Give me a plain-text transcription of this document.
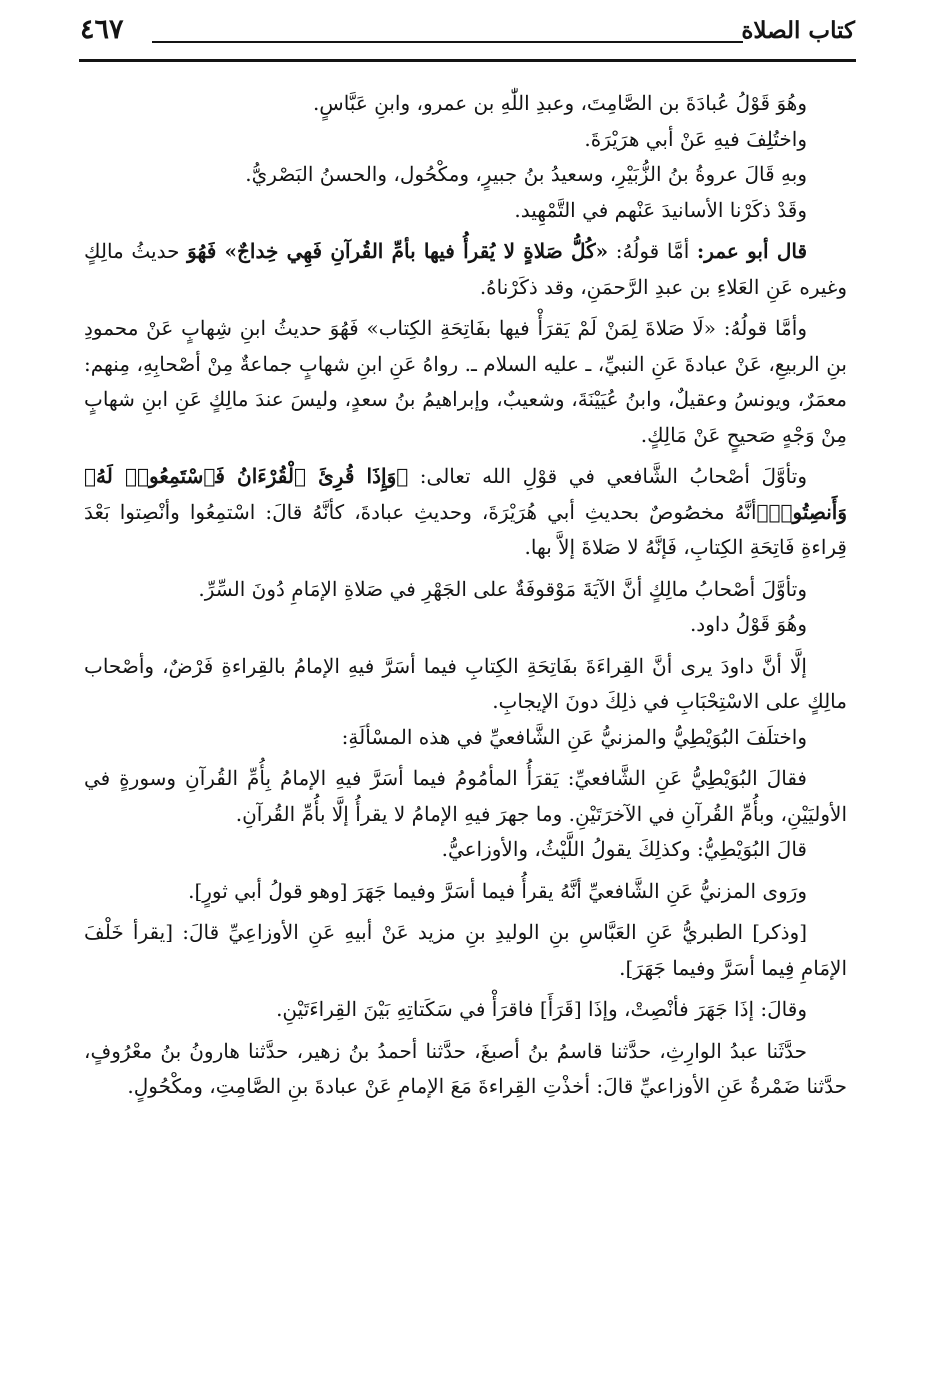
كتاب الصلاة
٤٦٧

وهُوَ قَوْلُ عُبادَةَ بن الصَّامِتَ، وعبدِ اللّٰهِ بن عمرو، وابنِ عَبَّاسٍ.

واختُلِفَ فيهِ عَنْ أبي هرَيْرَةَ.

وبهِ قَالَ عروةُ بنُ الزُّبَيْرِ، وسعيدُ بنُ جبيرٍ، ومكْحُول، والحسنُ البَصْريُّ.

وقَدْ ذكَرْنا الأسانيدَ عَنْهم في التَّمْهِيد.

قال أبو عمر: أمَّا قولُهُ: «كُلُّ صَلاةٍ لا يُقرأُ فيها بأمِّ القُرآنِ فَهِي خِداجٌ» فَهُوَ حديثُ مالِكٍ وغيره عَنِ العَلاءِ بن عبدِ الرَّحمَنِ، وقد ذكَرْناهُ.

وأمَّا قولُهُ: «لَا صَلاةَ لِمَنْ لَمْ يَقرَأْ فيها بفَاتِحَةِ الكِتاب» فَهُوَ حديثُ ابنِ شِهابٍ عَنْ محمودِ بنِ الربيعِ، عَنْ عبادةَ عَنِ النبيِّ، ـ عليه السلام ـ. رواهُ عَنِ ابنِ شهابٍ جماعةٌ مِنْ أصْحابِهِ، مِنهم: معمَرٌ، ويونسُ وعقيلٌ، وابنُ عُيَيْنَةَ، وشعيبٌ، وإبراهيمُ بنُ سعدٍ، وليسَ عندَ مالِكٍ عَنِ ابنِ شهابٍ مِنْ وَجْهٍ صَحيحٍ عَنْ مَالِكٍ.

وتأوَّلَ أصْحابُ الشَّافعي في قوْلِ الله تعالى: ﴿وَإِذَا قُرِئَ ٱلْقُرْءَانُ فَٱسْتَمِعُوا۟ لَهُۥ وَأَنصِتُوا۟﴾أنَّهُ مخصُوصٌ بحديثِ أبي هُرَيْرَةَ، وحديثِ عبادةَ، كأنَّهُ قالَ: اسْتمِعُوا وأنْصِتوا بَعْدَ قِراءةِ فَاتِحَةِ الكِتابِ، فَإنَّهُ لا صَلاةَ إلاَّ بها.

وتأوَّلَ أصْحابُ مالِكٍ أنَّ الآيَةَ مَوْقوفَةٌ على الجَهْرِ في صَلاةِ الإمَامِ دُونَ السِّرِّ.

وهُوَ قَوْلُ داود.

إلَّا أنَّ داودَ يرى أنَّ القِراءَةَ بفَاتِحَةِ الكِتابِ فيما أسَرَّ فيهِ الإمامُ بالقِراءةِ فَرْضٌ، وأصْحاب مالِكٍ على الاسْتِحْبَابِ في ذلِكَ دونَ الإيجابِ.

واختلَفَ البُوَيْطِيُّ والمزنيُّ عَنِ الشَّافعيِّ في هذه المسْألَةِ:

فقالَ البُوَيْطِيُّ عَنِ الشَّافعيِّ: يَقرَأُ المأمُومُ فيما أسَرَّ فيهِ الإمامُ بِأُمِّ القُرآنِ وسورةٍ في الأوليَيْنِ، وبأُمِّ القُرآنِ في الآخرَتَيْنِ. وما جهرَ فيهِ الإمامُ لا يقرأُ إلَّا بأُمِّ القُرآنِ.

قالَ البُوَيْطِيُّ: وكذلِكَ يقولُ اللَّيْثُ، والأوزاعيُّ.

ورَوى المزنيُّ عَنِ الشَّافعيِّ أنَّهُ يقرأُ فيما أسَرَّ وفيما جَهَرَ [وهو قولُ أبي ثورٍ].

[وذكر] الطبريُّ عَنِ العَبَّاسِ بنِ الوليدِ بنِ مزيد عَنْ أبيهِ عَنِ الأوزاعِيِّ قالَ: [يقرأ خَلْفَ الإمَامِ فِيما أسَرَّ وفيما جَهَرَ].

وقالَ: إذَا جَهَرَ فأنْصِتْ، وإذَا [قَرَأَ] فاقرَأْ في سَكَتاتِهِ بَيْنَ القِراءَتَيْنِ.

حدَّثَنا عبدُ الوارِثِ، حدَّثنا قاسمُ بنُ أصبغَ، حدَّثنا أحمدُ بنُ زهير، حدَّثنا هارونُ بنُ معْرُوفٍ، حدَّثنا ضَمْرةُ عَنِ الأوزاعيِّ قالَ: أخذْتِ القِراءةَ مَعَ الإمامِ عَنْ عبادةَ بنِ الصَّامِتِ، ومكْحُولٍ.
